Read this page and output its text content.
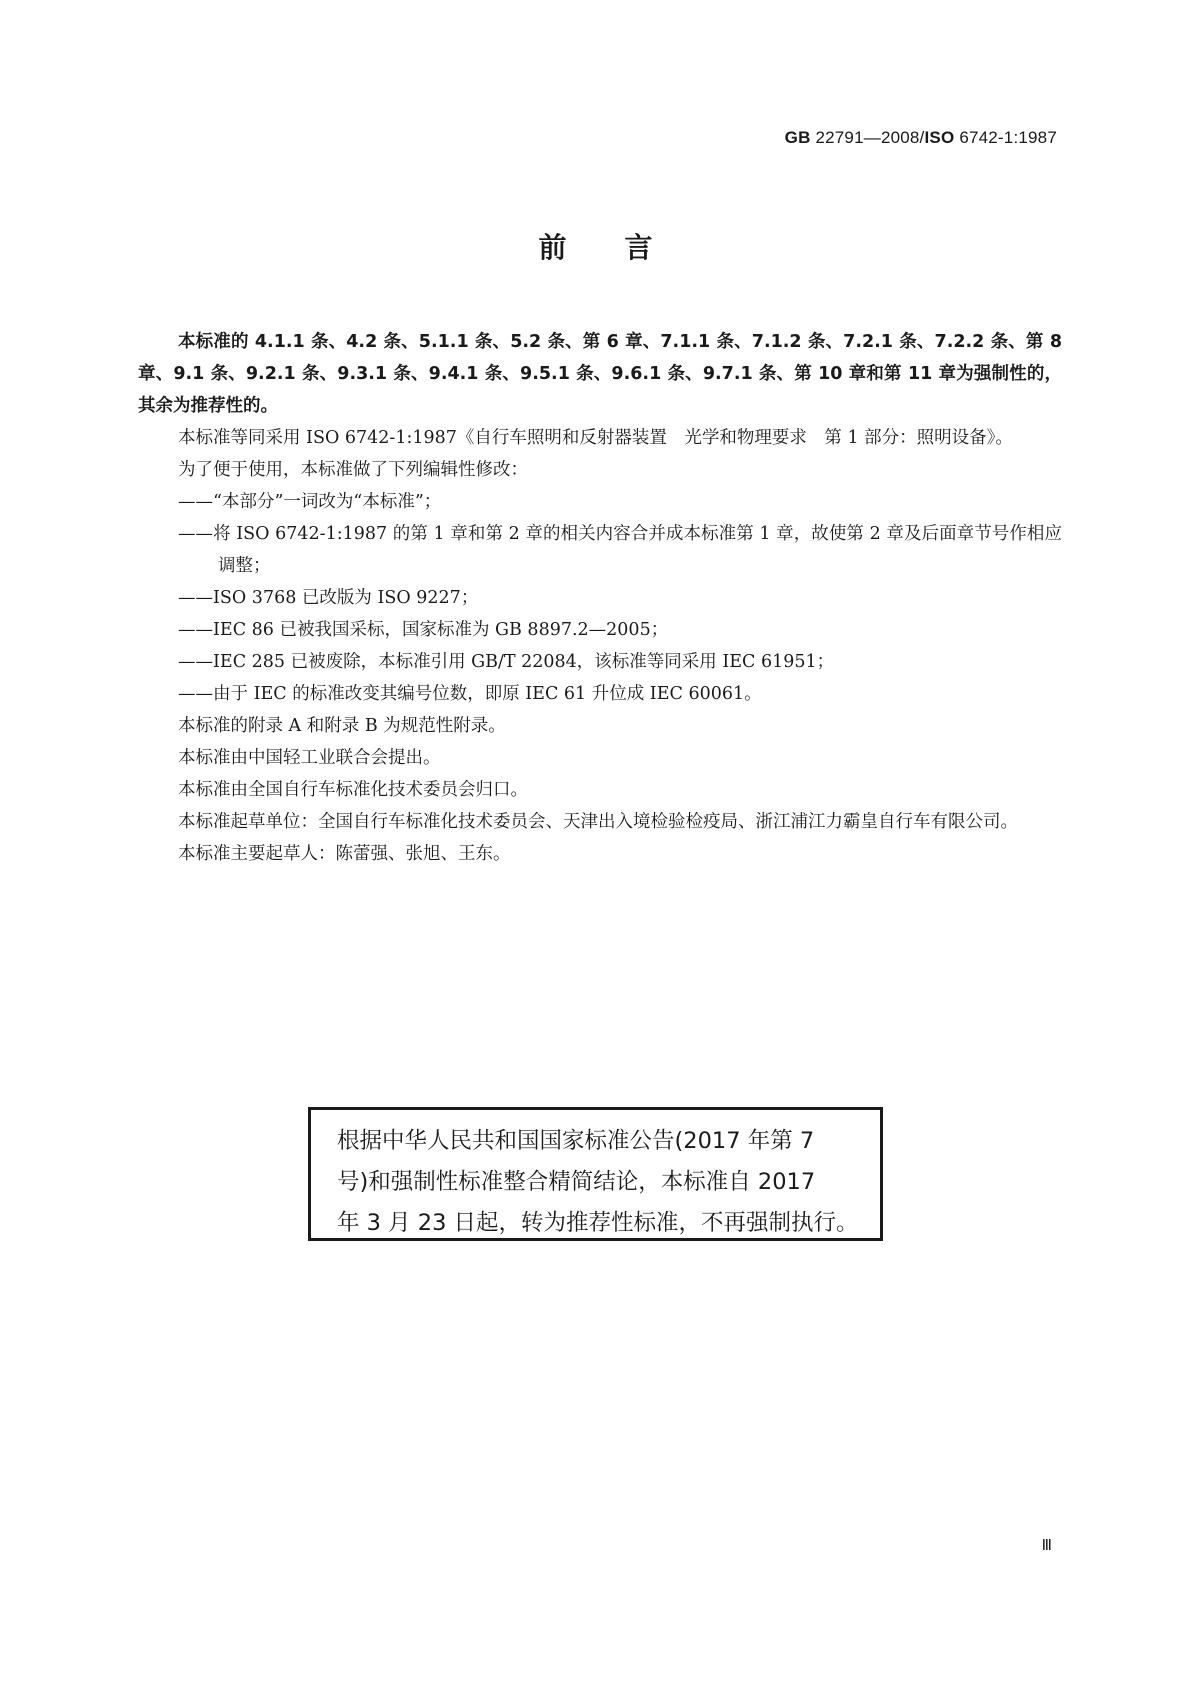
GB 22791—2008/ISO 6742-1:1987
前言

本标准的 4.1.1 条、4.2 条、5.1.1 条、5.2 条、第 6 章、7.1.1 条、7.1.2 条、7.2.1 条、7.2.2 条、第 8 章、9.1 条、9.2.1 条、9.3.1 条、9.4.1 条、9.5.1 条、9.6.1 条、9.7.1 条、第 10 章和第 11 章为强制性的，其余为推荐性的。

本标准等同采用 ISO 6742-1:1987《自行车照明和反射器装置　光学和物理要求　第 1 部分：照明设备》。

为了便于使用，本标准做了下列编辑性修改：

——“本部分”一词改为“本标准”；

——将 ISO 6742-1:1987 的第 1 章和第 2 章的相关内容合并成本标准第 1 章，故使第 2 章及后面章节号作相应调整；

——ISO 3768 已改版为 ISO 9227；

——IEC 86 已被我国采标，国家标准为 GB 8897.2—2005；

——IEC 285 已被废除，本标准引用 GB/T 22084，该标准等同采用 IEC 61951；

——由于 IEC 的标准改变其编号位数，即原 IEC 61 升位成 IEC 60061。

本标准的附录 A 和附录 B 为规范性附录。

本标准由中国轻工业联合会提出。

本标准由全国自行车标准化技术委员会归口。

本标准起草单位：全国自行车标准化技术委员会、天津出入境检验检疫局、浙江浦江力霸皇自行车有限公司。

本标准主要起草人：陈蕾强、张旭、王东。

根据中华人民共和国国家标准公告(2017 年第 7
号)和强制性标准整合精简结论，本标准自 2017
年 3 月 23 日起，转为推荐性标准，不再强制执行。
Ⅲ
